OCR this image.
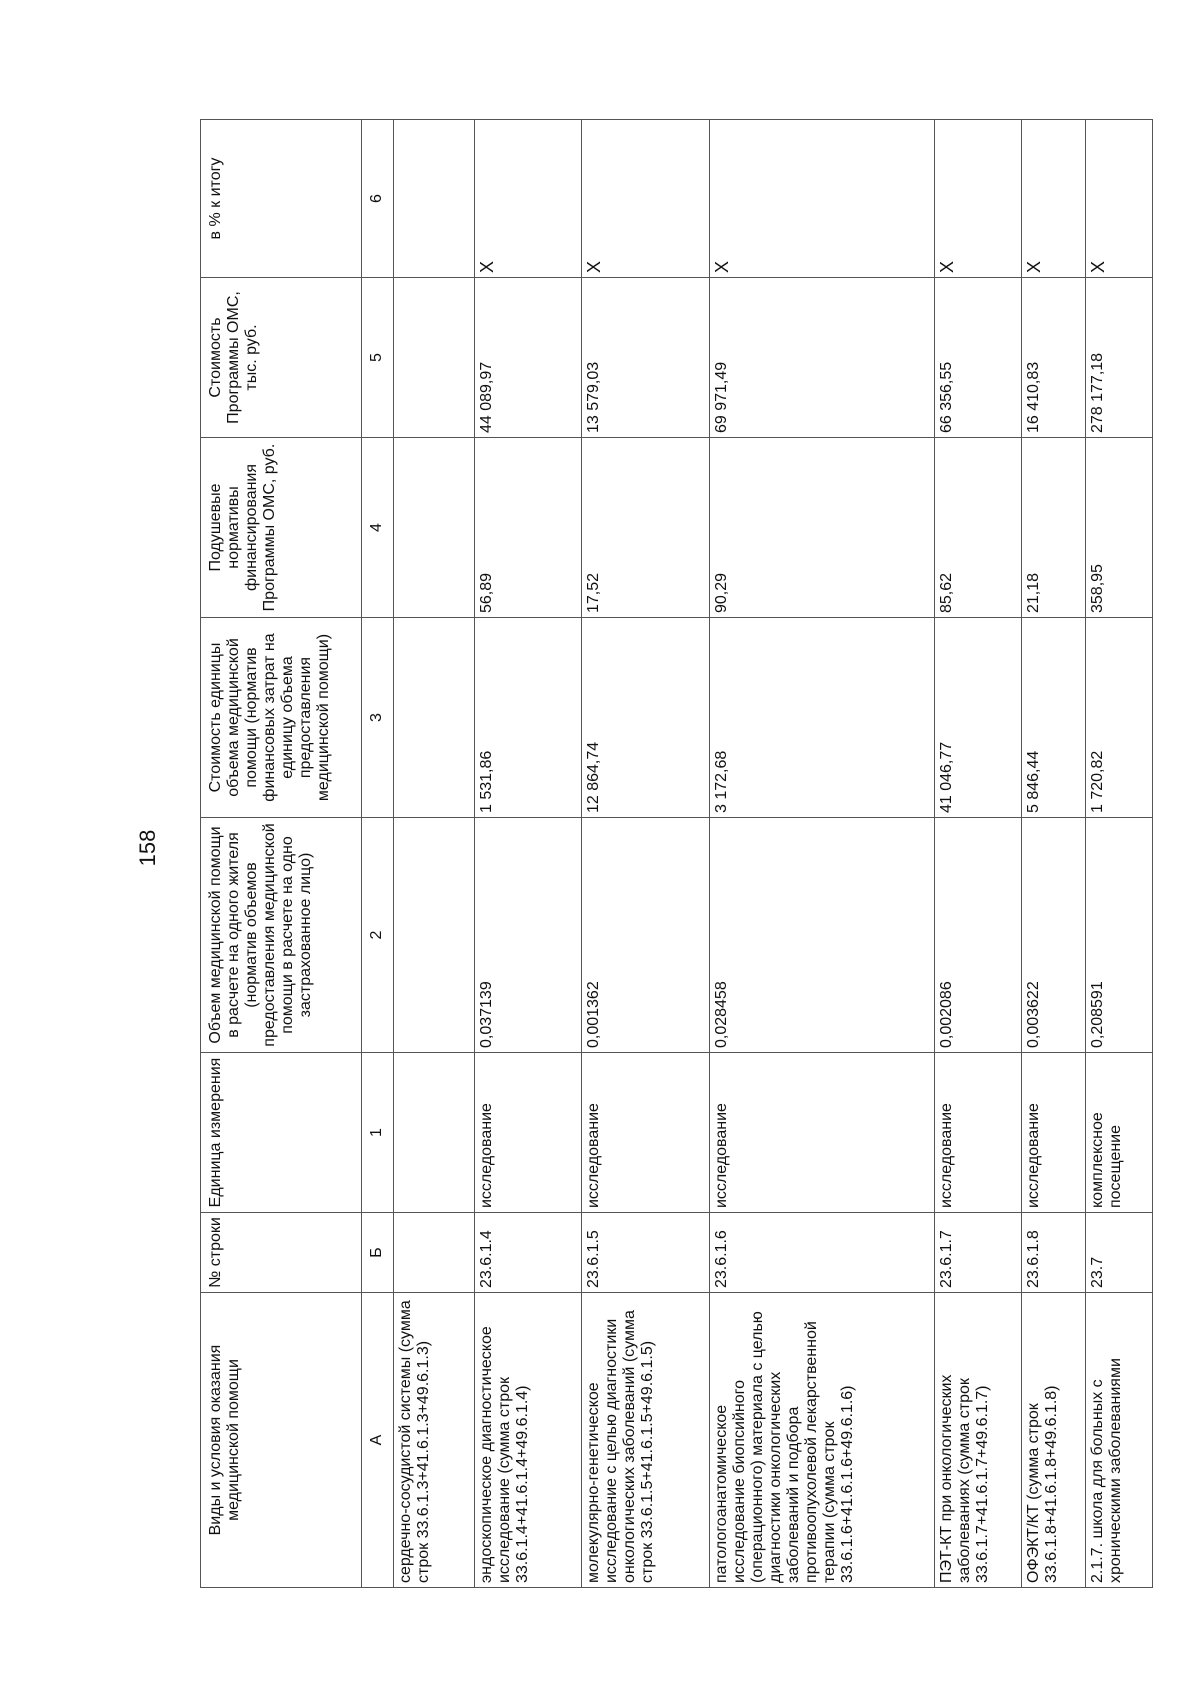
158
Виды и условия оказания медицинской помощи	№ строки	Единица измерения	Объем медицинской помощи в расчете на одного жителя (норматив объемов предоставления медицинской помощи в расчете на одно застрахованное лицо)	Стоимость единицы объема медицинской помощи (норматив финансовых затрат на единицу объема предоставления медицинской помощи)	Подушевые нормативы финансирования Программы ОМС, руб.	Стоимость Программы ОМС, тыс. руб.	в % к итогу
А	Б	1	2	3	4	5	6
сердечно-сосудистой системы (сумма строк 33.6.1.3+41.6.1.3+49.6.1.3)							
эндоскопическое диагностическое исследование (сумма строк 33.6.1.4+41.6.1.4+49.6.1.4)	23.6.1.4	исследование	0,037139	1 531,86	56,89	44 089,97	Х
молекулярно-генетическое исследование с целью диагностики онкологических заболеваний (сумма строк 33.6.1.5+41.6.1.5+49.6.1.5)	23.6.1.5	исследование	0,001362	12 864,74	17,52	13 579,03	Х
патологоанатомическое исследование биопсийного (операционного) материала с целью диагностики онкологических заболеваний и подбора противоопухолевой лекарственной терапии (сумма строк 33.6.1.6+41.6.1.6+49.6.1.6)	23.6.1.6	исследование	0,028458	3 172,68	90,29	69 971,49	Х
ПЭТ-КТ при онкологических заболеваниях (сумма строк 33.6.1.7+41.6.1.7+49.6.1.7)	23.6.1.7	исследование	0,002086	41 046,77	85,62	66 356,55	Х
ОФЭКТ/КТ (сумма строк 33.6.1.8+41.6.1.8+49.6.1.8)	23.6.1.8	исследование	0,003622	5 846,44	21,18	16 410,83	Х
2.1.7. школа для больных с хроническими заболеваниями	23.7	комплексное посещение	0,208591	1 720,82	358,95	278 177,18	Х
